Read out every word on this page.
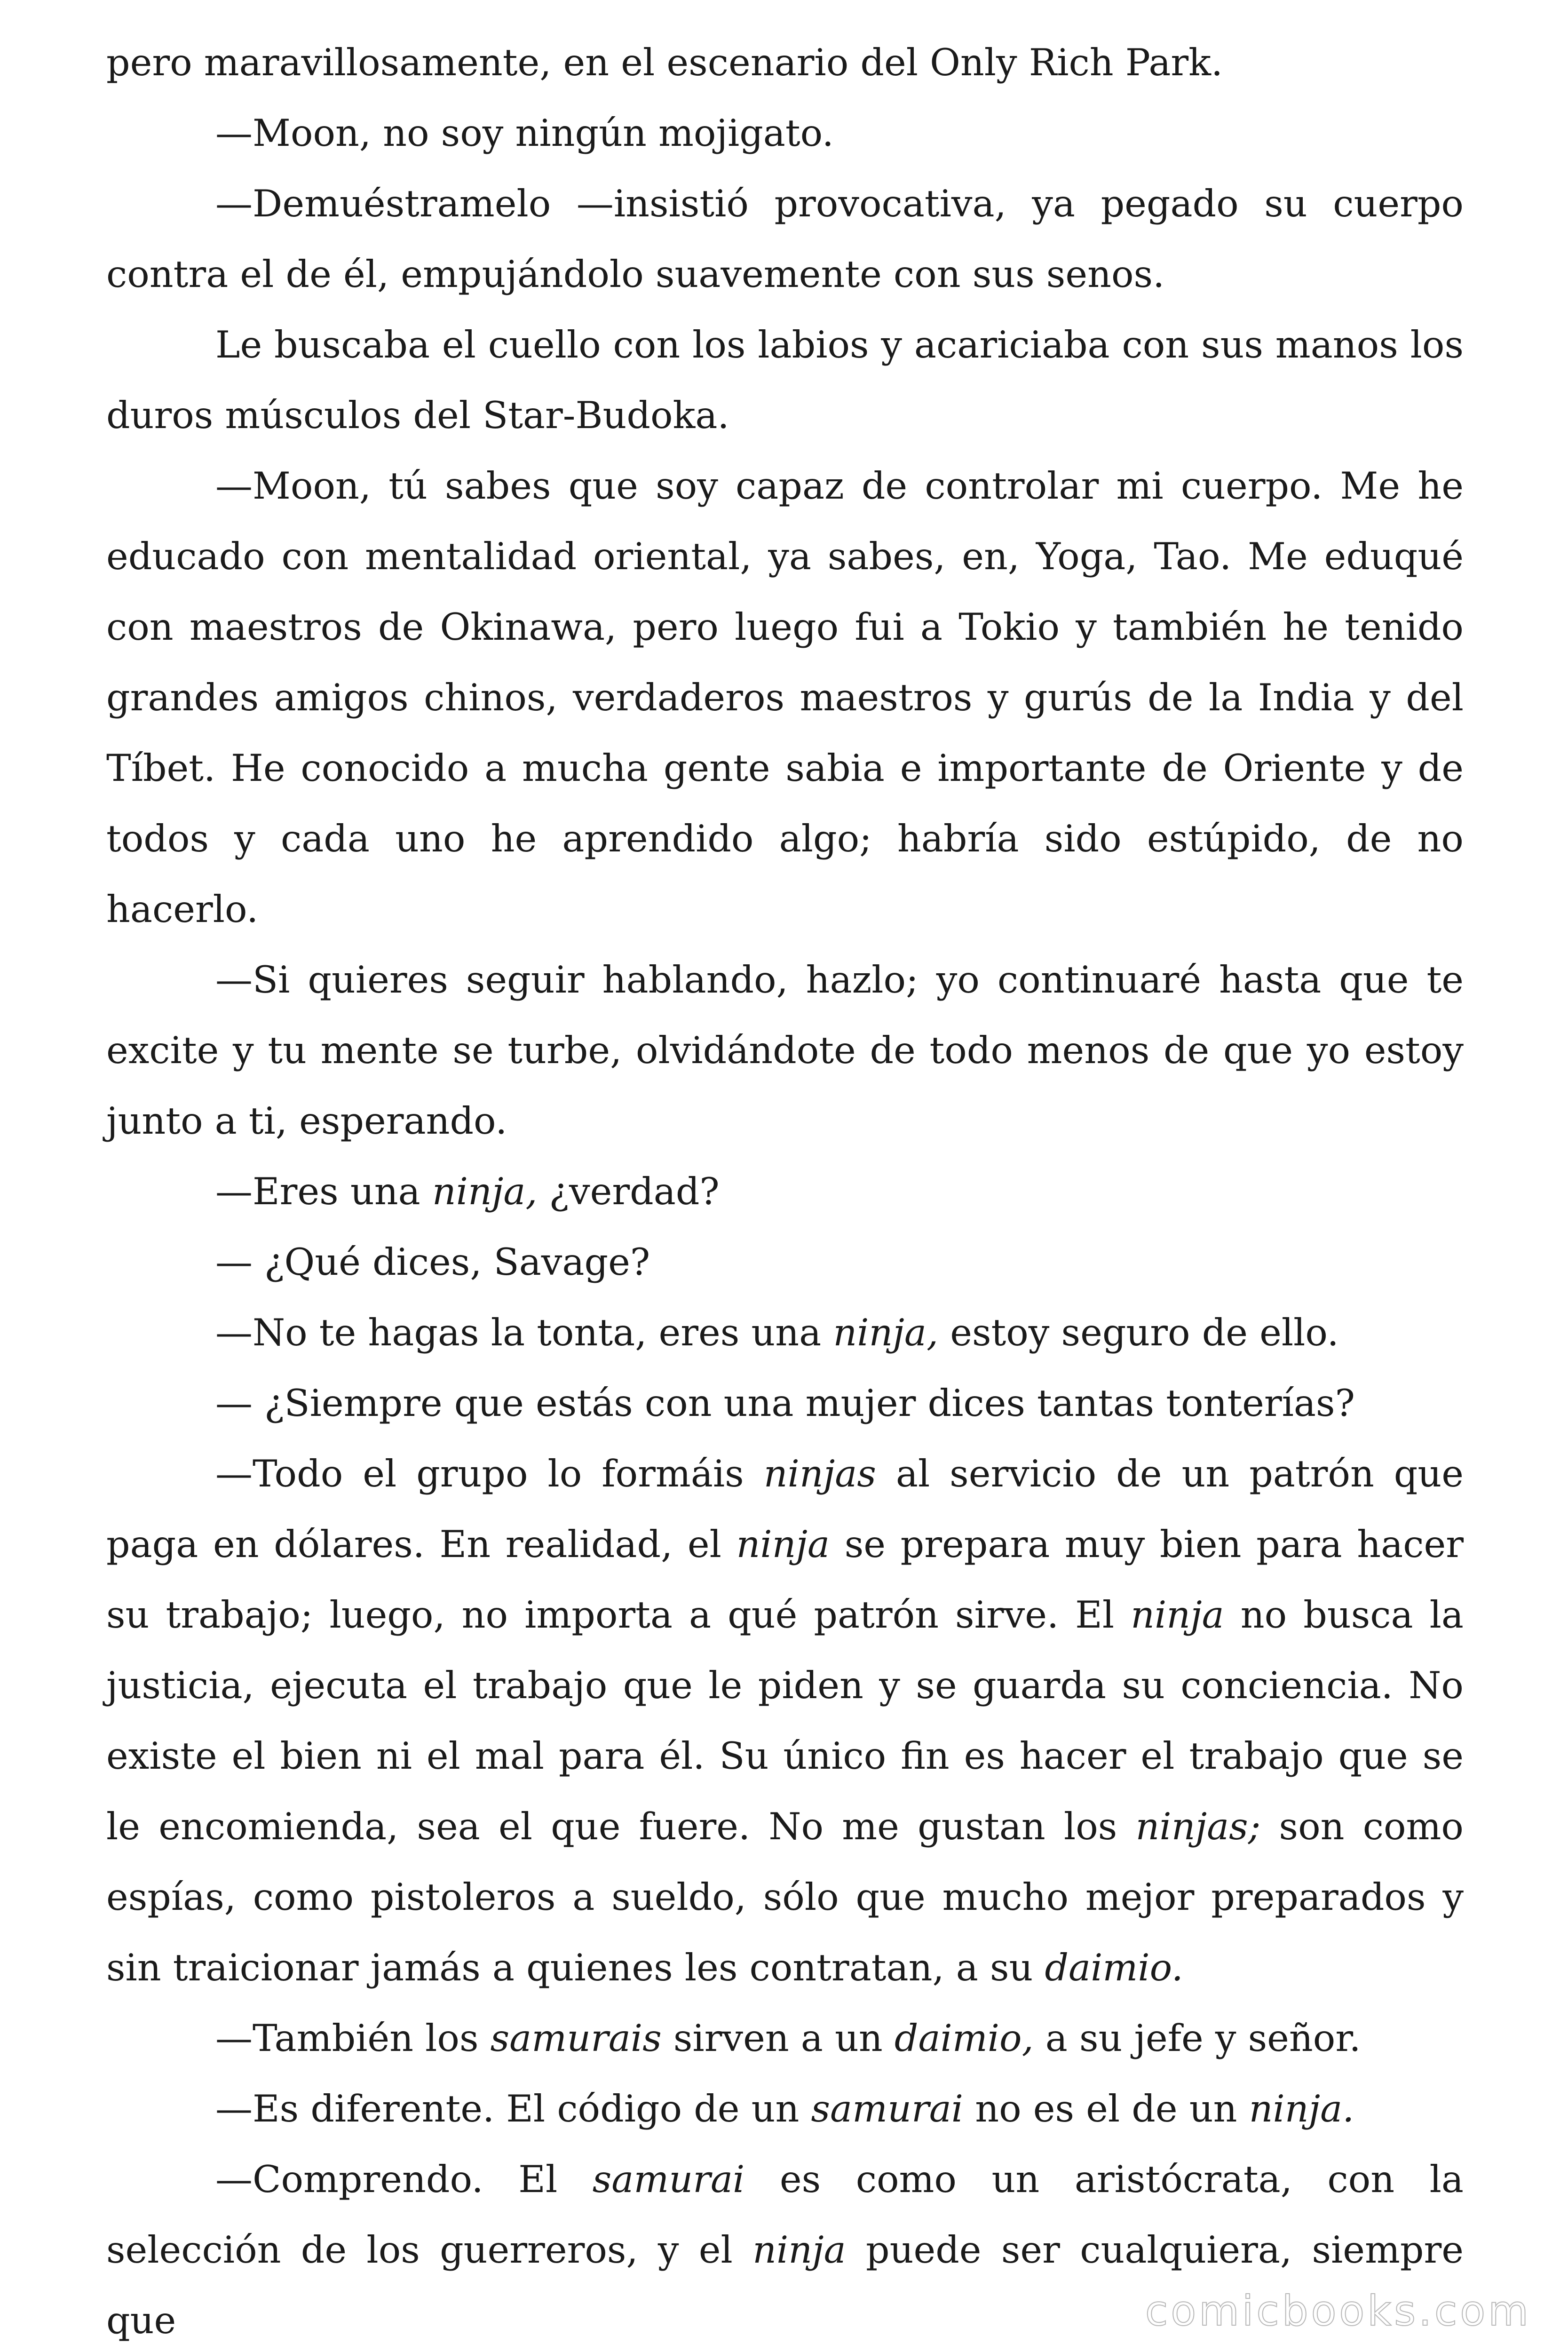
pero maravillosamente, en el escenario del Only Rich Park.

—Moon, no soy ningún mojigato.

—Demuéstramelo —insistió provocativa, ya pegado su cuerpo contra el de él, empujándolo suavemente con sus senos.

Le buscaba el cuello con los labios y acariciaba con sus manos los duros músculos del Star-Budoka.

—Moon, tú sabes que soy capaz de controlar mi cuerpo. Me he educado con mentalidad oriental, ya sabes, en, Yoga, Tao. Me eduqué con maestros de Okinawa, pero luego fui a Tokio y también he tenido grandes amigos chinos, verdaderos maestros y gurús de la India y del Tíbet. He conocido a mucha gente sabia e importante de Oriente y de todos y cada uno he aprendido algo; habría sido estúpido, de no hacerlo.

—Si quieres seguir hablando, hazlo; yo continuaré hasta que te excite y tu mente se turbe, olvidándote de todo menos de que yo estoy junto a ti, esperando.

—Eres una ninja, ¿verdad?

— ¿Qué dices, Savage?

—No te hagas la tonta, eres una ninja, estoy seguro de ello.

— ¿Siempre que estás con una mujer dices tantas tonterías?

—Todo el grupo lo formáis ninjas al servicio de un patrón que paga en dólares. En realidad, el ninja se prepara muy bien para hacer su trabajo; luego, no importa a qué patrón sirve. El ninja no busca la justicia, ejecuta el trabajo que le piden y se guarda su conciencia. No existe el bien ni el mal para él. Su único fin es hacer el trabajo que se le encomienda, sea el que fuere. No me gustan los ninjas; son como espías, como pistoleros a sueldo, sólo que mucho mejor preparados y sin traicionar jamás a quienes les contratan, a su daimio.

—También los samurais sirven a un daimio, a su jefe y señor.

—Es diferente. El código de un samurai no es el de un ninja.

—Comprendo. El samurai es como un aristócrata, con la selección de los guerreros, y el ninja puede ser cualquiera, siempre que	comicbooks.com
